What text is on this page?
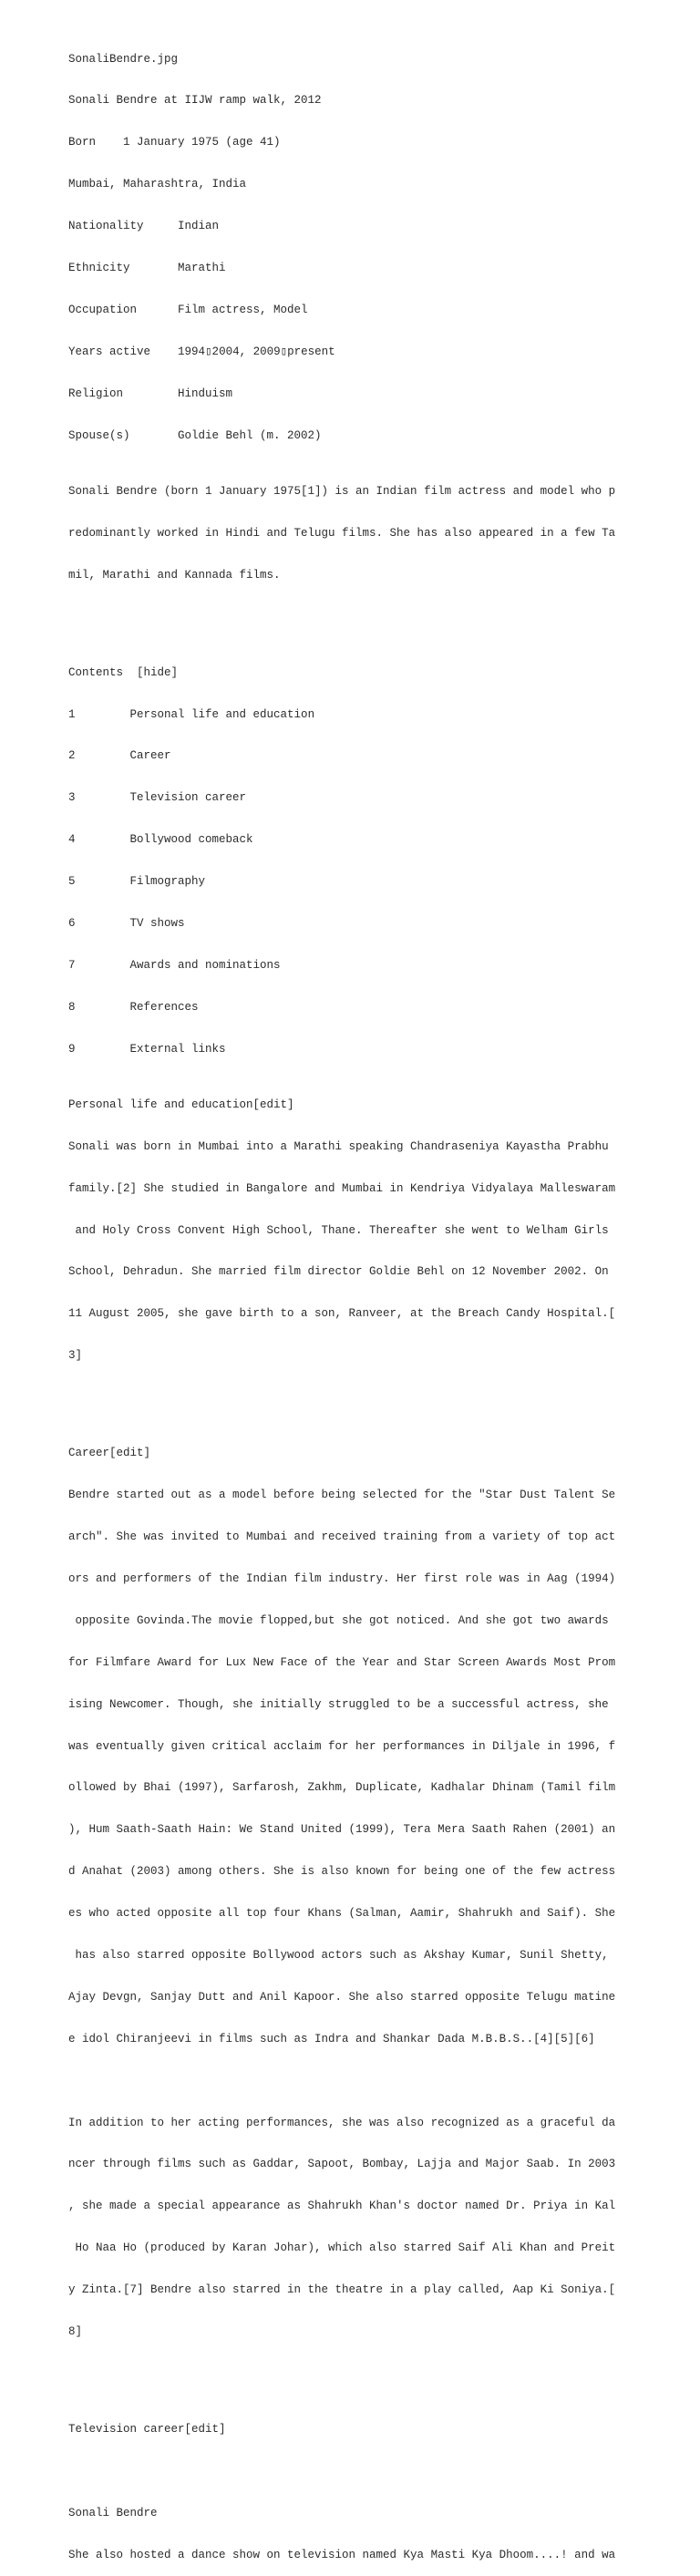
SonaliBendre.jpg

Sonali Bendre at IIJW ramp walk, 2012

Born 1 January 1975 (age 41)

Mumbai, Maharashtra, India

Nationality	Indian

Ethnicity	Marathi

Occupation	Film actress, Model

Years active 1994▯2004, 2009▯present

Religion	Hinduism

Spouse(s)	Goldie Behl (m. 2002)

Sonali Bendre (born 1 January 1975[1]) is an Indian film actress and model who p

redominantly worked in Hindi and Telugu films. She has also appeared in a few Ta

mil, Marathi and Kannada films.

Contents [hide]

1	Personal life and education

2	Career

3	Television career

4	Bollywood comeback

5	Filmography

6	TV shows

7	Awards and nominations

8	References

9	External links

Personal life and education[edit]

Sonali was born in Mumbai into a Marathi speaking Chandraseniya Kayastha Prabhu

family.[2] She studied in Bangalore and Mumbai in Kendriya Vidyalaya Malleswaram

and Holy Cross Convent High School, Thane. Thereafter she went to Welham Girls

School, Dehradun. She married film director Goldie Behl on 12 November 2002. On

11 August 2005, she gave birth to a son, Ranveer, at the Breach Candy Hospital.[

3]

Career[edit]

Bendre started out as a model before being selected for the "Star Dust Talent Se

arch". She was invited to Mumbai and received training from a variety of top act

ors and performers of the Indian film industry. Her first role was in Aag (1994)

opposite Govinda.The movie flopped,but she got noticed. And she got two awards

for Filmfare Award for Lux New Face of the Year and Star Screen Awards Most Prom

ising Newcomer. Though, she initially struggled to be a successful actress, she

was eventually given critical acclaim for her performances in Diljale in 1996, f

ollowed by Bhai (1997), Sarfarosh, Zakhm, Duplicate, Kadhalar Dhinam (Tamil film

), Hum Saath-Saath Hain: We Stand United (1999), Tera Mera Saath Rahen (2001) an

d Anahat (2003) among others. She is also known for being one of the few actress

es who acted opposite all top four Khans (Salman, Aamir, Shahrukh and Saif). She

has also starred opposite Bollywood actors such as Akshay Kumar, Sunil Shetty,

Ajay Devgn, Sanjay Dutt and Anil Kapoor. She also starred opposite Telugu matine

e idol Chiranjeevi in films such as Indra and Shankar Dada M.B.B.S..[4][5][6]

In addition to her acting performances, she was also recognized as a graceful da

ncer through films such as Gaddar, Sapoot, Bombay, Lajja and Major Saab. In 2003

, she made a special appearance as Shahrukh Khan's doctor named Dr. Priya in Kal

Ho Naa Ho (produced by Karan Johar), which also starred Saif Ali Khan and Preit

y Zinta.[7] Bendre also starred in the theatre in a play called, Aap Ki Soniya.[

8]

Television career[edit]

Sonali Bendre

She also hosted a dance show on television named Kya Masti Kya Dhoom....! and wa
